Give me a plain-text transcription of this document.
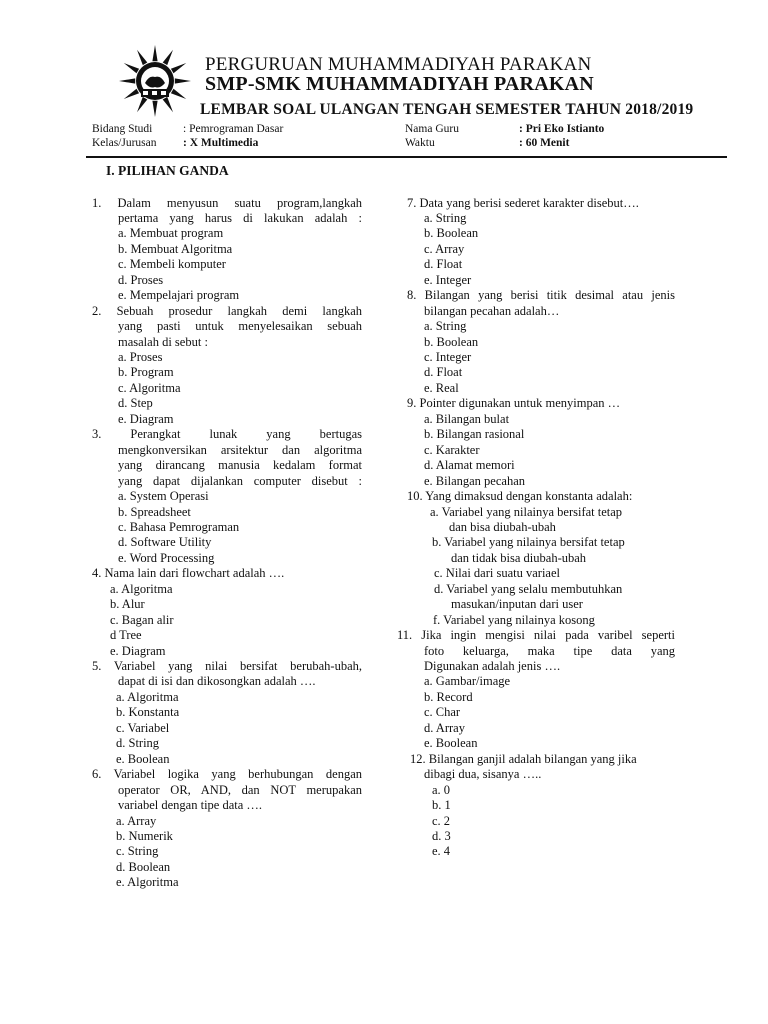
PERGURUAN MUHAMMADIYAH PARAKAN
SMP-SMK MUHAMMADIYAH PARAKAN
LEMBAR SOAL ULANGAN TENGAH SEMESTER TAHUN 2018/2019
Bidang Studi	: Pemrograman Dasar
Kelas/Jurusan : X Multimedia
Nama Guru	: Pri Eko Istianto
Waktu	: 60 Menit
I. PILIHAN GANDA
1. Dalam menyusun suatu program,langkah
pertama yang harus di lakukan adalah :
a. Membuat program
b. Membuat Algoritma
c. Membeli komputer
d. Proses
e. Mempelajari program
2. Sebuah prosedur langkah demi langkah
yang pasti untuk menyelesaikan sebuah
masalah di sebut :
a. Proses
b. Program
c. Algoritma
d. Step
e. Diagram
3. Perangkat lunak yang bertugas
mengkonversikan arsitektur dan algoritma
yang dirancang manusia kedalam format
yang dapat dijalankan computer disebut :
a. System Operasi
b. Spreadsheet
c. Bahasa Pemrograman
d. Software Utility
e. Word Processing
4. Nama lain dari flowchart adalah ….
a. Algoritma
b. Alur
c. Bagan alir
d Tree
e. Diagram
5. Variabel yang nilai bersifat berubah-ubah,
dapat di isi dan dikosongkan adalah ….
a. Algoritma
b. Konstanta
c. Variabel
d. String
e. Boolean
6. Variabel logika yang berhubungan dengan
operator OR, AND, dan NOT merupakan
variabel dengan tipe data ….
a. Array
b. Numerik
c. String
d. Boolean
e. Algoritma
7. Data yang berisi sederet karakter disebut….
a. String
b. Boolean
c. Array
d. Float
e. Integer
8. Bilangan yang berisi titik desimal atau jenis
bilangan pecahan adalah…
a. String
b. Boolean
c. Integer
d. Float
e. Real
9. Pointer digunakan untuk menyimpan …
a. Bilangan bulat
b. Bilangan rasional
c. Karakter
d. Alamat memori
e. Bilangan pecahan
10. Yang dimaksud dengan konstanta adalah:
a. Variabel yang nilainya bersifat tetap
dan bisa diubah-ubah
b. Variabel yang nilainya bersifat tetap
dan tidak bisa diubah-ubah
c. Nilai dari suatu variael
d. Variabel yang selalu membutuhkan
masukan/inputan dari user
f. Variabel yang nilainya kosong
11. Jika ingin mengisi nilai pada varibel seperti
foto keluarga, maka tipe data yang
Digunakan adalah jenis ….
a. Gambar/image
b. Record
c. Char
d. Array
e. Boolean
12. Bilangan ganjil adalah bilangan yang jika
dibagi dua, sisanya …..
a. 0
b. 1
c. 2
d. 3
e. 4
